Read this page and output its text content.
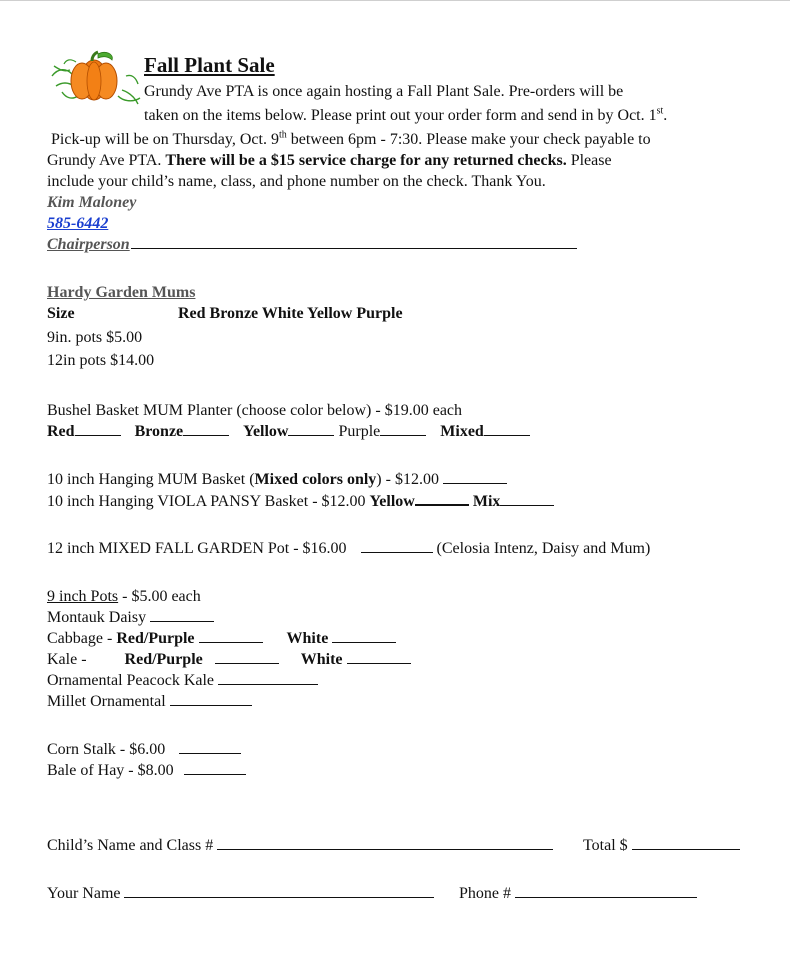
Fall Plant Sale
Grundy Ave PTA is once again hosting a Fall Plant Sale. Pre-orders will be
taken on the items below. Please print out your order form and send in by Oct. 1st.
Pick-up will be on Thursday, Oct. 9th between 6pm - 7:30. Please make your check payable to
Grundy Ave PTA. There will be a $15 service charge for any returned checks. Please
include your child’s name, class, and phone number on the check. Thank You.
Kim Maloney
585-6442
Chairperson
Hardy Garden Mums
Size	Red Bronze White Yellow Purple
9in. pots $5.00
12in pots $14.00
Bushel Basket MUM Planter (choose color below) - $19.00 each
Red	Bronze	Yellow	Purple	Mixed
10 inch Hanging MUM Basket (Mixed colors only) - $12.00
10 inch Hanging VIOLA PANSY Basket - $12.00 Yellow	Mix
12 inch MIXED FALL GARDEN Pot - $16.00	(Celosia Intenz, Daisy and Mum)
9 inch Pots - $5.00 each
Montauk Daisy
Cabbage - Red/Purple	White
Kale - Red/Purple	White
Ornamental Peacock Kale
Millet Ornamental
Corn Stalk - $6.00
Bale of Hay - $8.00
Child’s Name and Class #	Total $
Your Name	Phone #
